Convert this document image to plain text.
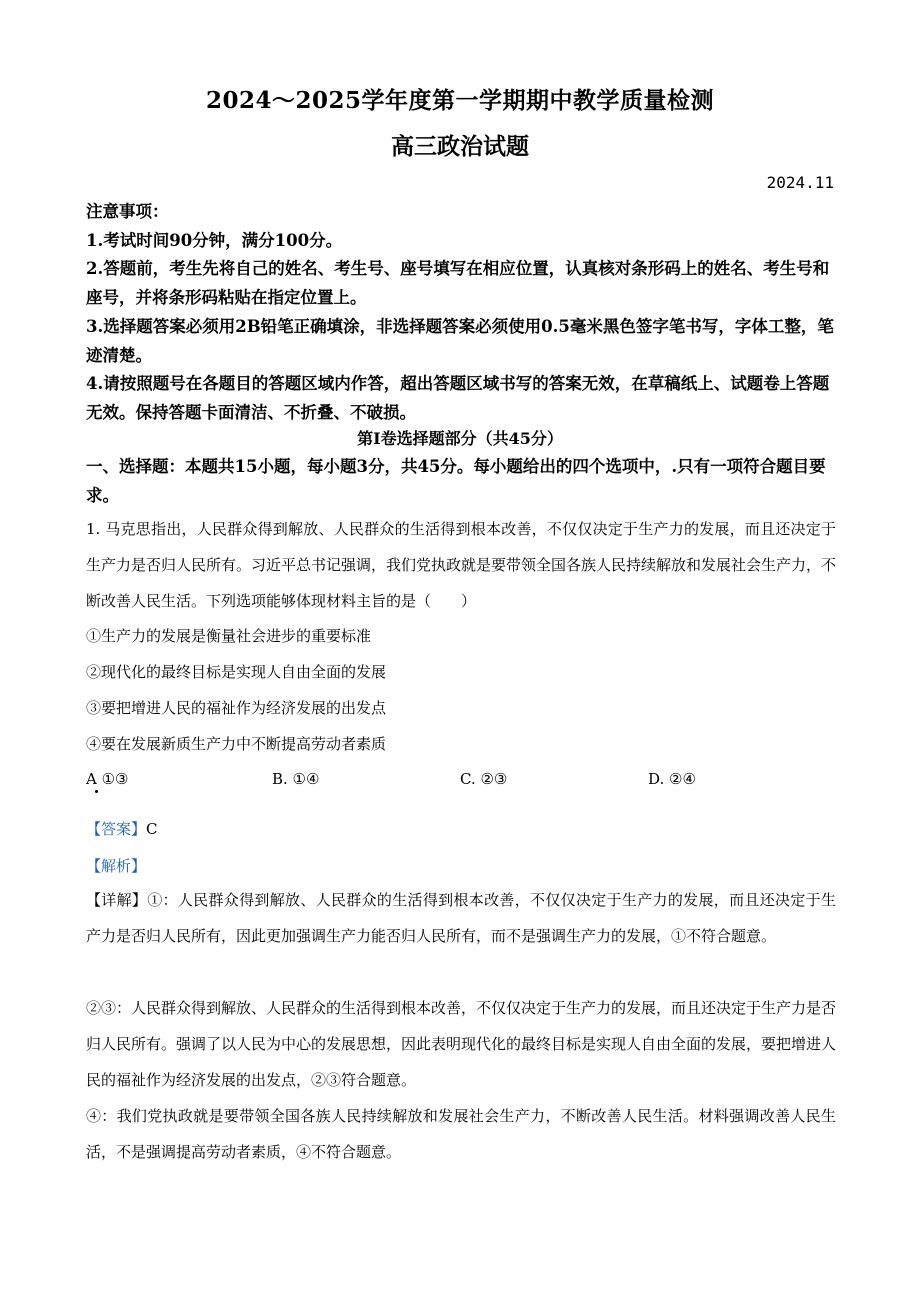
2024～2025学年度第一学期期中教学质量检测
高三政治试题
2024.11
注意事项：
1.考试时间90分钟，满分100分。
2.答题前，考生先将自己的姓名、考生号、座号填写在相应位置，认真核对条形码上的姓名、考生号和座号，并将条形码粘贴在指定位置上。
3.选择题答案必须用2B铅笔正确填涂，非选择题答案必须使用0.5毫米黑色签字笔书写，字体工整，笔迹清楚。
4.请按照题号在各题目的答题区域内作答，超出答题区域书写的答案无效，在草稿纸上、试题卷上答题无效。保持答题卡面清洁、不折叠、不破损。
第Ⅰ卷选择题部分（共45分）
一、选择题：本题共15小题，每小题3分，共45分。每小题给出的四个选项中，.只有一项符合题目要求。
1. 马克思指出，人民群众得到解放、人民群众的生活得到根本改善，不仅仅决定于生产力的发展，而且还决定于生产力是否归人民所有。习近平总书记强调，我们党执政就是要带领全国各族人民持续解放和发展社会生产力，不断改善人民生活。下列选项能够体现材料主旨的是（　　）
①生产力的发展是衡量社会进步的重要标准
②现代化的最终目标是实现人自由全面的发展
③要把增进人民的福祉作为经济发展的出发点
④要在发展新质生产力中不断提高劳动者素质
A ①③	B. ①④	C. ②③	D. ②④
【答案】C
【解析】
【详解】①：人民群众得到解放、人民群众的生活得到根本改善，不仅仅决定于生产力的发展，而且还决定于生产力是否归人民所有，因此更加强调生产力能否归人民所有，而不是强调生产力的发展，①不符合题意。
②③：人民群众得到解放、人民群众的生活得到根本改善，不仅仅决定于生产力的发展，而且还决定于生产力是否归人民所有。强调了以人民为中心的发展思想，因此表明现代化的最终目标是实现人自由全面的发展，要把增进人民的福祉作为经济发展的出发点，②③符合题意。
④：我们党执政就是要带领全国各族人民持续解放和发展社会生产力，不断改善人民生活。材料强调改善人民生活，不是强调提高劳动者素质，④不符合题意。
